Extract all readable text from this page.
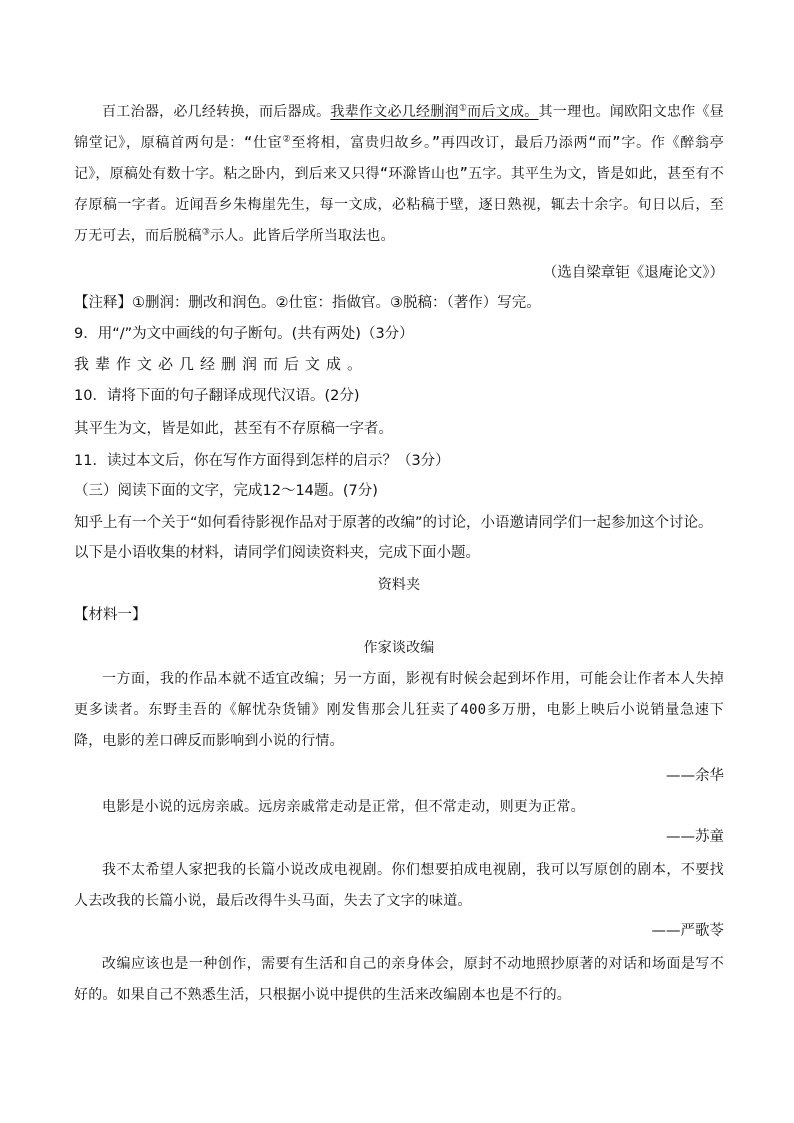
百工治器，必几经转换，而后器成。我辈作文必几经删润①而后文成。其一理也。闻欧阳文忠作《昼锦堂记》，原稿首两句是：“仕宦②至将相，富贵归故乡。”再四改订，最后乃添两“而”字。作《醉翁亭记》，原稿处有数十字。粘之卧内，到后来又只得“环滁皆山也”五字。其平生为文，皆是如此，甚至有不存原稿一字者。近闻吾乡朱梅崖先生，每一文成，必粘稿于壁，逐日熟视，辄去十余字。旬日以后，至万无可去，而后脱稿③示人。此皆后学所当取法也。

（选自梁章钜《退庵论文》）

【注释】①删润：删改和润色。②仕宦：指做官。③脱稿：（著作）写完。

9．用“/”为文中画线的句子断句。(共有两处)（3分）

我辈作文必几经删润而后文成。

10．请将下面的句子翻译成现代汉语。(2分)

其平生为文，皆是如此，甚至有不存原稿一字者。

11．读过本文后，你在写作方面得到怎样的启示？（3分）

（三）阅读下面的文字，完成12～14题。(7分)

知乎上有一个关于“如何看待影视作品对于原著的改编”的讨论，小语邀请同学们一起参加这个讨论。以下是小语收集的材料，请同学们阅读资料夹，完成下面小题。

资料夹

【材料一】

作家谈改编

一方面，我的作品本就不适宜改编；另一方面，影视有时候会起到坏作用，可能会让作者本人失掉更多读者。东野圭吾的《解忧杂货铺》刚发售那会儿狂卖了400多万册，电影上映后小说销量急速下降，电影的差口碑反而影响到小说的行情。

——余华

电影是小说的远房亲戚。远房亲戚常走动是正常，但不常走动，则更为正常。

——苏童

我不太希望人家把我的长篇小说改成电视剧。你们想要拍成电视剧，我可以写原创的剧本，不要找人去改我的长篇小说，最后改得牛头马面，失去了文字的味道。

——严歌苓

改编应该也是一种创作，需要有生活和自己的亲身体会，原封不动地照抄原著的对话和场面是写不好的。如果自己不熟悉生活，只根据小说中提供的生活来改编剧本也是不行的。
